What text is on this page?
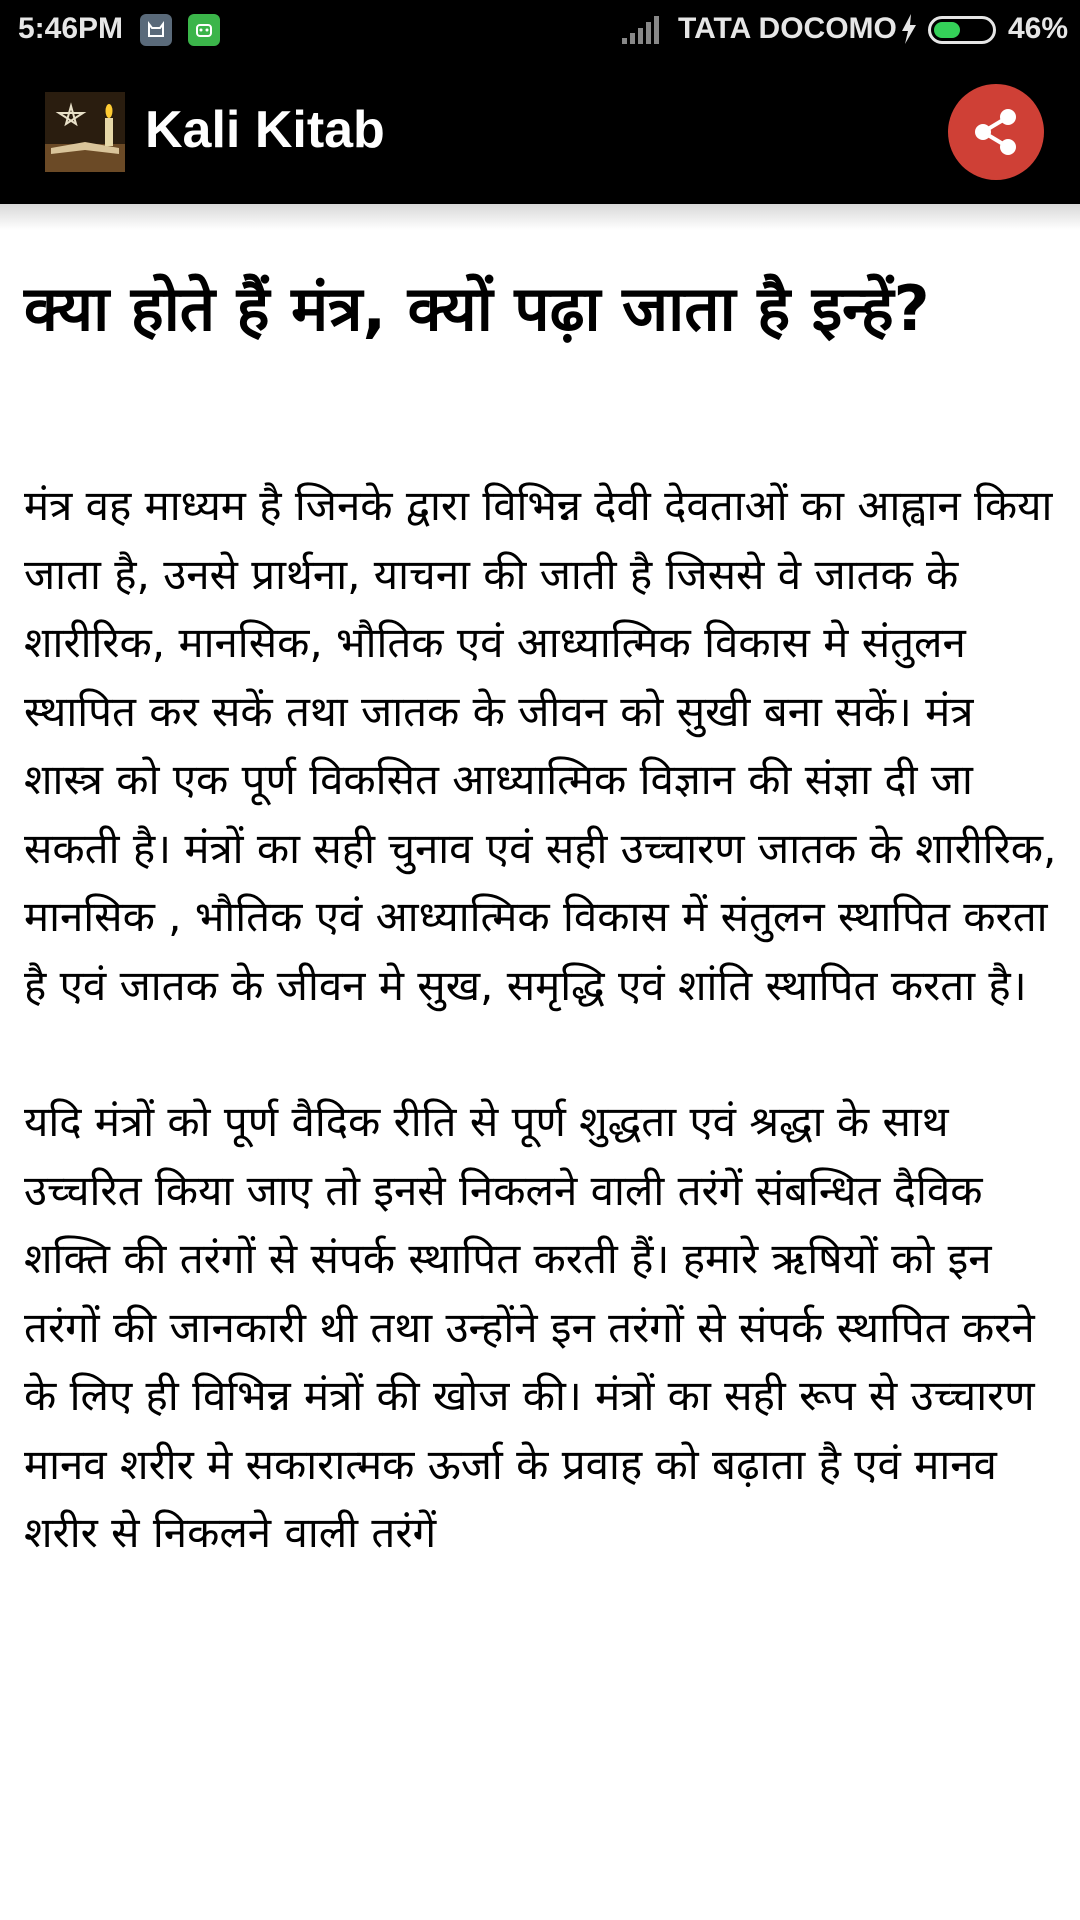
5:46PM	TATA DOCOMO	46%
Kali Kitab
क्या होते हैं मंत्र, क्यों पढ़ा जाता है इन्हें?

मंत्र वह माध्यम है जिनके द्वारा विभिन्न देवी देवताओं का आह्वान किया जाता है, उनसे प्रार्थना, याचना की जाती है जिससे वे जातक के शारीरिक, मानसिक, भौतिक एवं आध्यात्मिक विकास मे संतुलन स्थापित कर सकें तथा जातक के जीवन को सुखी बना सकें। मंत्र शास्त्र को एक पूर्ण विकसित आध्यात्मिक विज्ञान की संज्ञा दी जा सकती है। मंत्रों का सही चुनाव एवं सही उच्चारण जातक के शारीरिक, मानसिक , भौतिक एवं आध्यात्मिक विकास में संतुलन स्थापित करता है एवं जातक के जीवन मे सुख, समृद्धि एवं शांति स्थापित करता है।

यदि मंत्रों को पूर्ण वैदिक रीति से पूर्ण शुद्धता एवं श्रद्धा के साथ उच्चरित किया जाए तो इनसे निकलने वाली तरंगें संबन्धित दैविक शक्ति की तरंगों से संपर्क स्थापित करती हैं। हमारे ऋषियों को इन तरंगों की जानकारी थी तथा उन्होंने इन तरंगों से संपर्क स्थापित करने के लिए ही विभिन्न मंत्रों की खोज की। मंत्रों का सही रूप से उच्चारण मानव शरीर मे सकारात्मक ऊर्जा के प्रवाह को बढ़ाता है एवं मानव शरीर से निकलने वाली तरंगें
